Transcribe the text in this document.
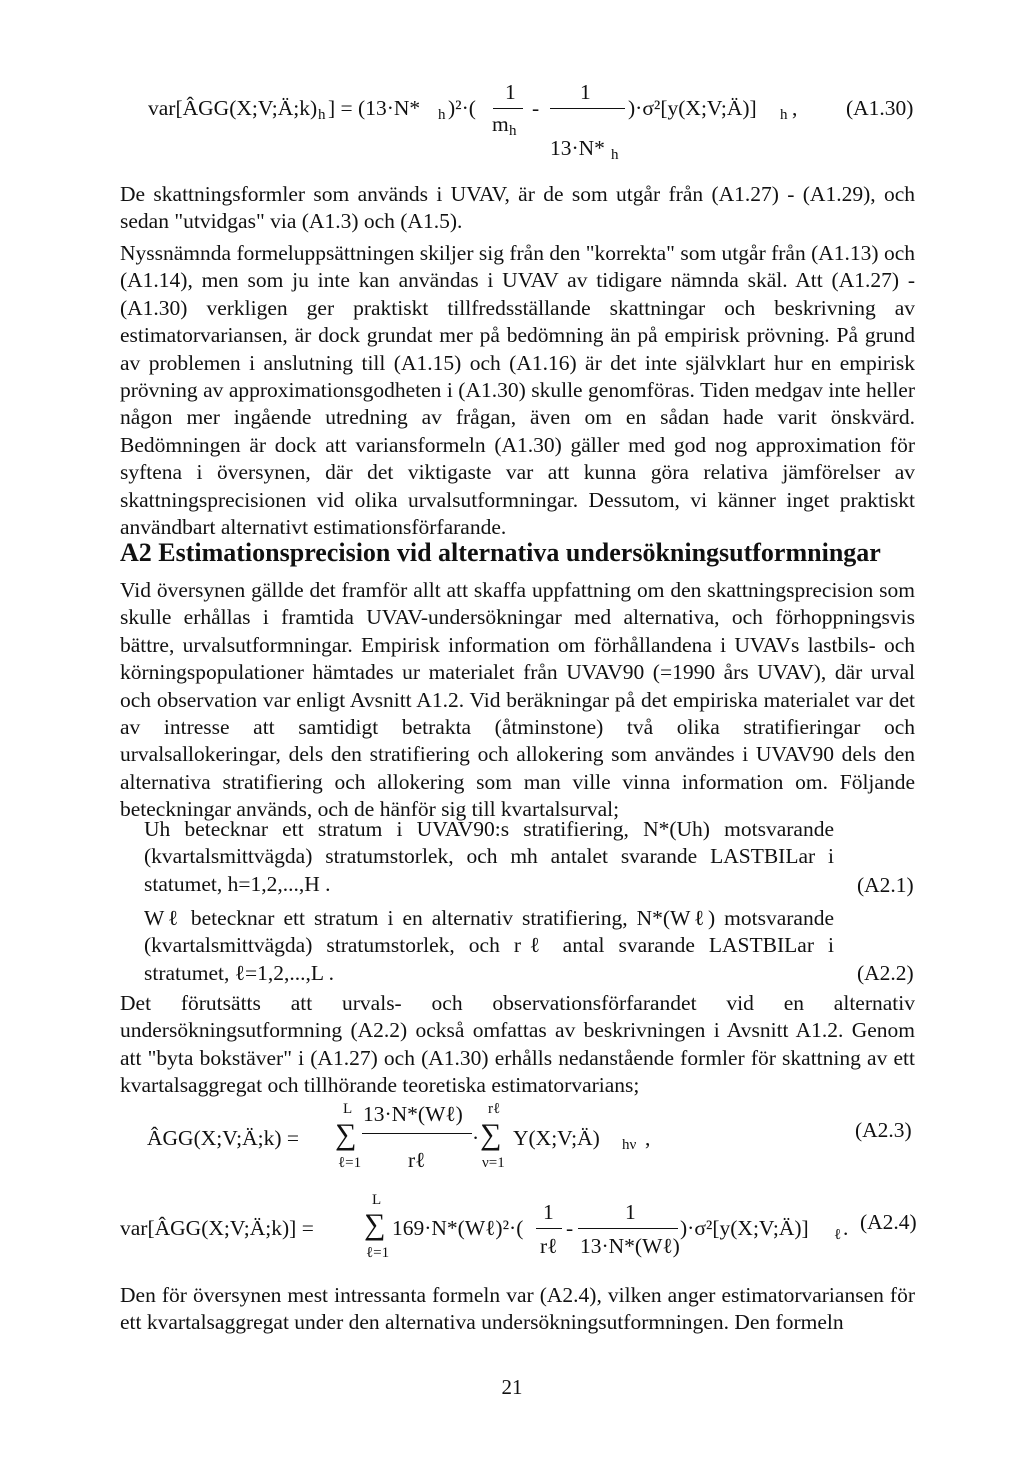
var[ÂGG(X;V;Ä;k) h ] = (13·N* h )²·(
1
m h
-
1
13·N* h
)·σ²[y(X;V;Ä)] h , (A1.30)

De skattningsformler som används i UVAV, är de som utgår från (A1.27) - (A1.29), och sedan "utvidgas" via (A1.3) och (A1.5).

Nyssnämnda formeluppsättningen skiljer sig från den "korrekta" som utgår från (A1.13) och (A1.14), men som ju inte kan användas i UVAV av tidigare nämnda skäl. Att (A1.27) - (A1.30) verkligen ger praktiskt tillfredsställande skattningar och beskrivning av estimatorvariansen, är dock grundat mer på bedömning än på empirisk prövning. På grund av problemen i anslutning till (A1.15) och (A1.16) är det inte självklart hur en empirisk prövning av approximationsgodheten i (A1.30) skulle genomföras. Tiden medgav inte heller någon mer ingående utredning av frågan, även om en sådan hade varit önskvärd. Bedömningen är dock att variansformeln (A1.30) gäller med god nog approximation för syftena i översynen, där det viktigaste var att kunna göra relativa jämförelser av skattningsprecisionen vid olika urvalsutformningar. Dessutom, vi känner inget praktiskt användbart alternativt estimationsförfarande.

A2 Estimationsprecision vid alternativa undersökningsutformningar

Vid översynen gällde det framför allt att skaffa uppfattning om den skattningsprecision som skulle erhållas i framtida UVAV-undersökningar med alternativa, och förhoppningsvis bättre, urvalsutformningar. Empirisk information om förhållandena i UVAVs lastbils- och körningspopulationer hämtades ur materialet från UVAV90 (=1990 års UVAV), där urval och observation var enligt Avsnitt A1.2. Vid beräkningar på det empiriska materialet var det av intresse att samtidigt betrakta (åtminstone) två olika stratifieringar och urvalsallokeringar, dels den stratifiering och allokering som användes i UVAV90 dels den alternativa stratifiering och allokering som man ville vinna information om. Följande beteckningar används, och de hänför sig till kvartalsurval;

Uh betecknar ett stratum i UVAV90:s stratifiering, N*(Uh) motsvarande (kvartalsmittvägda) stratumstorlek, och mh antalet svarande LASTBILar i statumet, h=1,2,...,H .	(A2.1)
Wℓ betecknar ett stratum i en alternativ stratifiering, N*(Wℓ) motsvarande (kvartalsmittvägda) stratumstorlek, och rℓ antal svarande LASTBILar i stratumet, ℓ=1,2,...,L .	(A2.2)

Det förutsätts att urvals- och observationsförfarandet vid en alternativ undersökningsutformning (A2.2) också omfattas av beskrivningen i Avsnitt A1.2. Genom att "byta bokstäver" i (A1.27) och (A1.30) erhålls nedanstående formler för skattning av ett kvartalsaggregat och tillhörande teoretiska estimatorvarians;

ÂGG(X;V;Ä;k) =
L
∑
ℓ=1
13·N*(Wℓ)
rℓ
·
rℓ
∑
ν=1
Y(X;V;Ä) hν ,	(A2.3)
var[ÂGG(X;V;Ä;k)] =
L
∑
ℓ=1
169·N*(Wℓ)²·(
1
rℓ
-
1
13·N*(Wℓ)
)·σ²[y(X;V;Ä)] ℓ . (A2.4)

Den för översynen mest intressanta formeln var (A2.4), vilken anger estimatorvariansen för ett kvartalsaggregat under den alternativa undersökningsutformningen. Den formeln

21
